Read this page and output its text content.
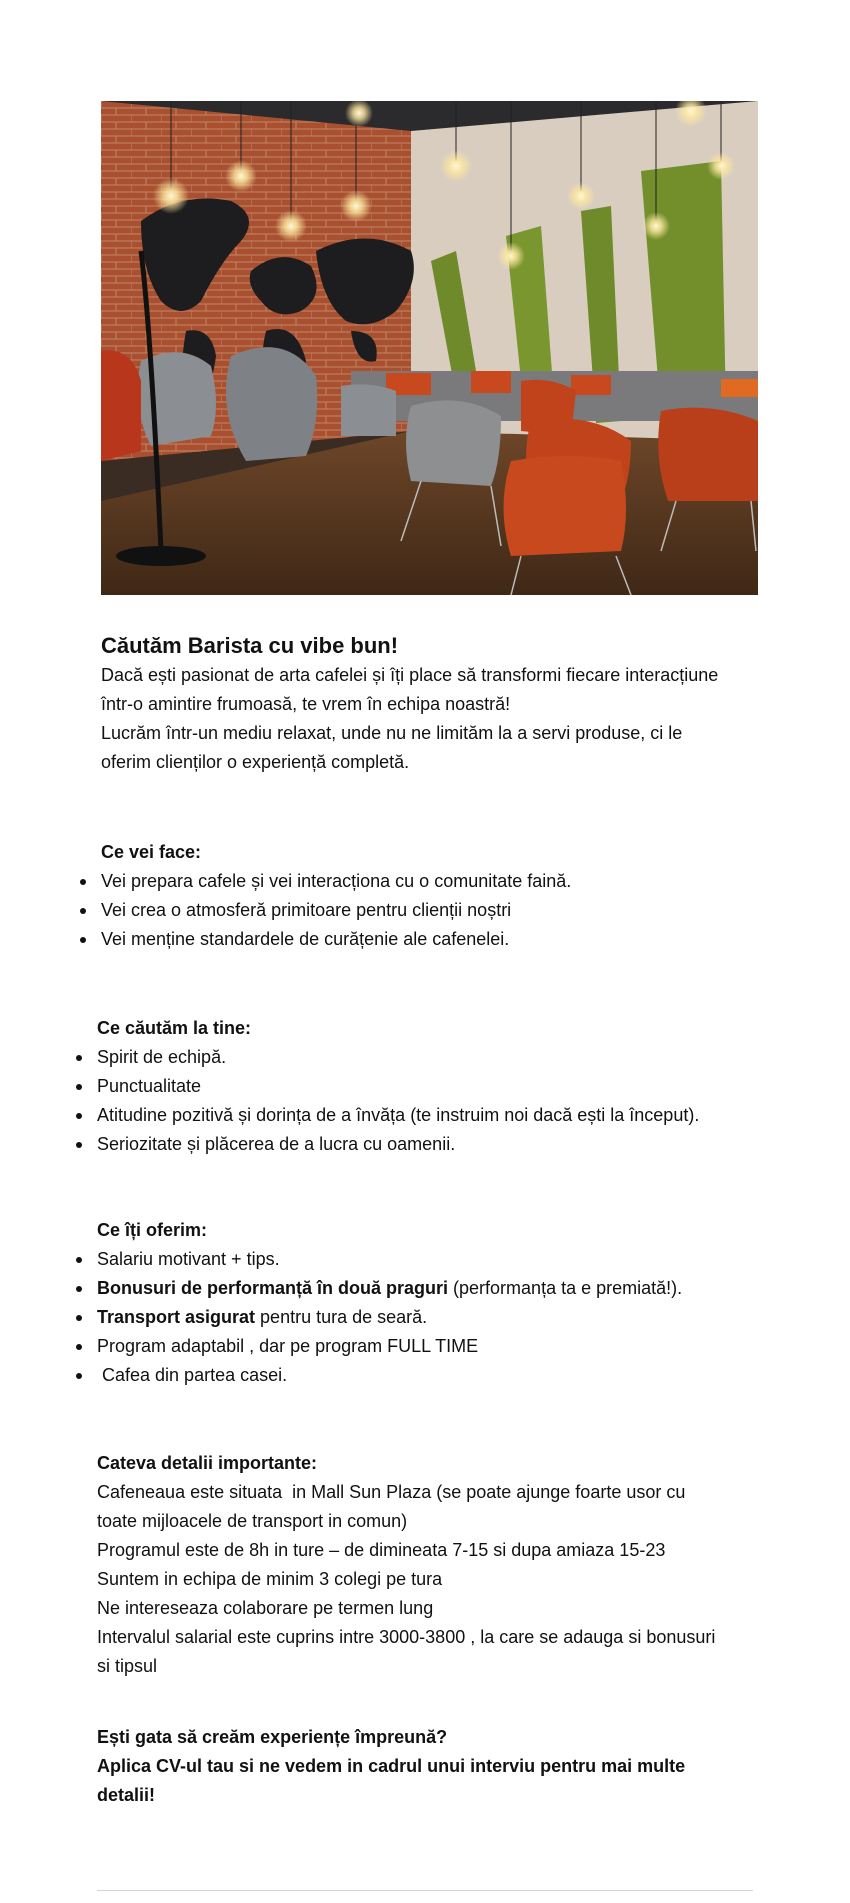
Căutăm Barista cu vibe bun!

Dacă ești pasionat de arta cafelei și îți place să transformi fiecare interacțiune

într-o amintire frumoasă, te vrem în echipa noastră!

Lucrăm într-un mediu relaxat, unde nu ne limităm la a servi produse, ci le

oferim clienților o experiență completă.

Ce vei face:

Vei prepara cafele și vei interacționa cu o comunitate faină.
Vei crea o atmosferă primitoare pentru clienții noștri
Vei menține standardele de curățenie ale cafenelei.

Ce căutăm la tine:

Spirit de echipă.
Punctualitate
Atitudine pozitivă și dorința de a învăța (te instruim noi dacă ești la început).
Seriozitate și plăcerea de a lucra cu oamenii.

Ce îți oferim:

Salariu motivant + tips.
Bonusuri de performanță în două praguri (performanța ta e premiată!).
Transport asigurat pentru tura de seară.
Program adaptabil , dar pe program FULL TIME
Cafea din partea casei.

Cateva detalii importante:

Cafeneaua este situata  in Mall Sun Plaza (se poate ajunge foarte usor cu

toate mijloacele de transport in comun)

Programul este de 8h in ture – de dimineata 7-15 si dupa amiaza 15-23

Suntem in echipa de minim 3 colegi pe tura

Ne intereseaza colaborare pe termen lung

Intervalul salarial este cuprins intre 3000-3800 , la care se adauga si bonusuri

si tipsul

Ești gata să creăm experiențe împreună?

Aplica CV-ul tau si ne vedem in cadrul unui interviu pentru mai multe

detalii!
